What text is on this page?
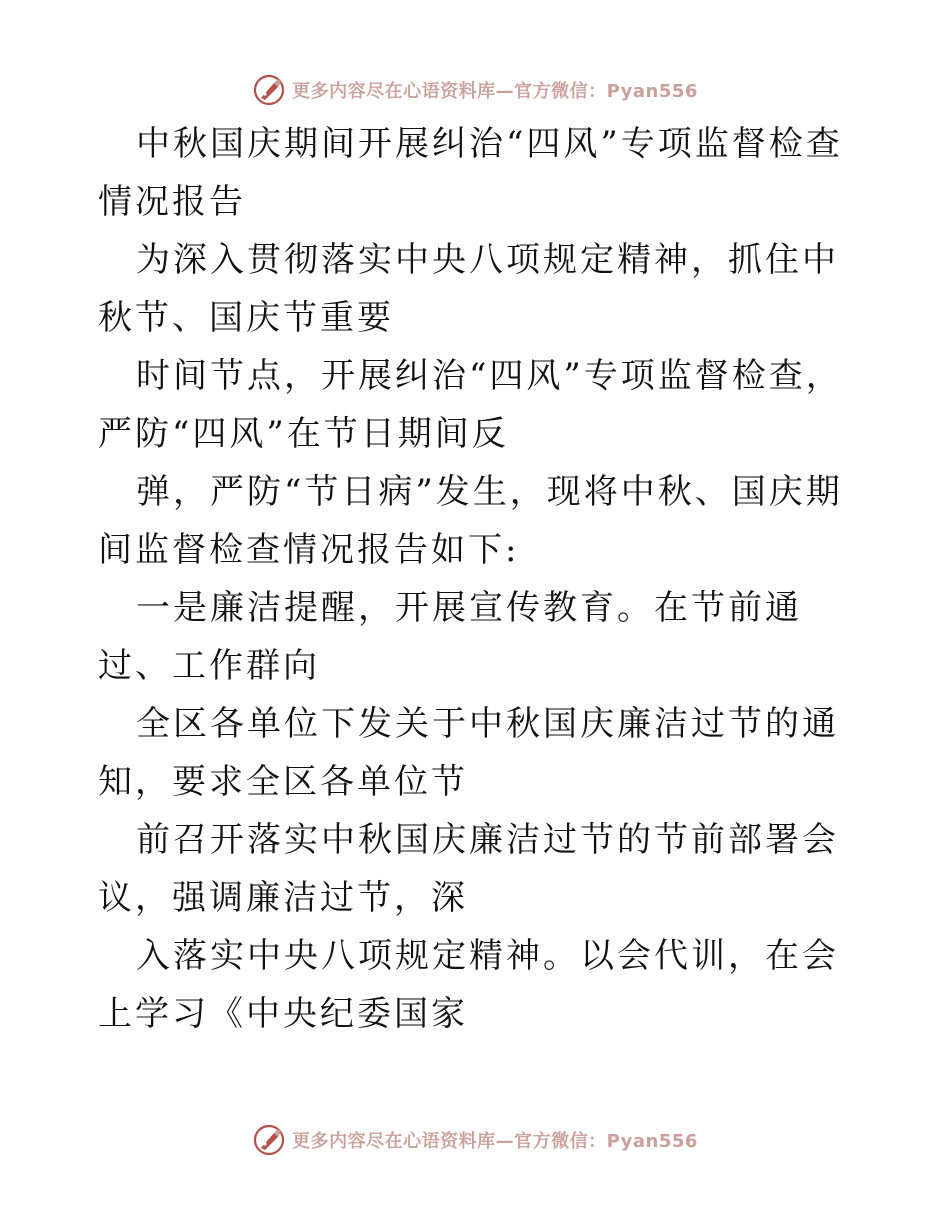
更多内容尽在心语资料库—官方微信：Pyan556

中秋国庆期间开展纠治“四风”专项监督检查情况报告

为深入贯彻落实中央八项规定精神，抓住中秋节、国庆节重要

时间节点，开展纠治“四风”专项监督检查，严防“四风”在节日期间反

弹，严防“节日病”发生，现将中秋、国庆期间监督检查情况报告如下:

一是廉洁提醒，开展宣传教育。在节前通过、工作群向

全区各单位下发关于中秋国庆廉洁过节的通知，要求全区各单位节

前召开落实中秋国庆廉洁过节的节前部署会议，强调廉洁过节，深

入落实中央八项规定精神。以会代训，在会上学习《中央纪委国家

更多内容尽在心语资料库—官方微信：Pyan556
